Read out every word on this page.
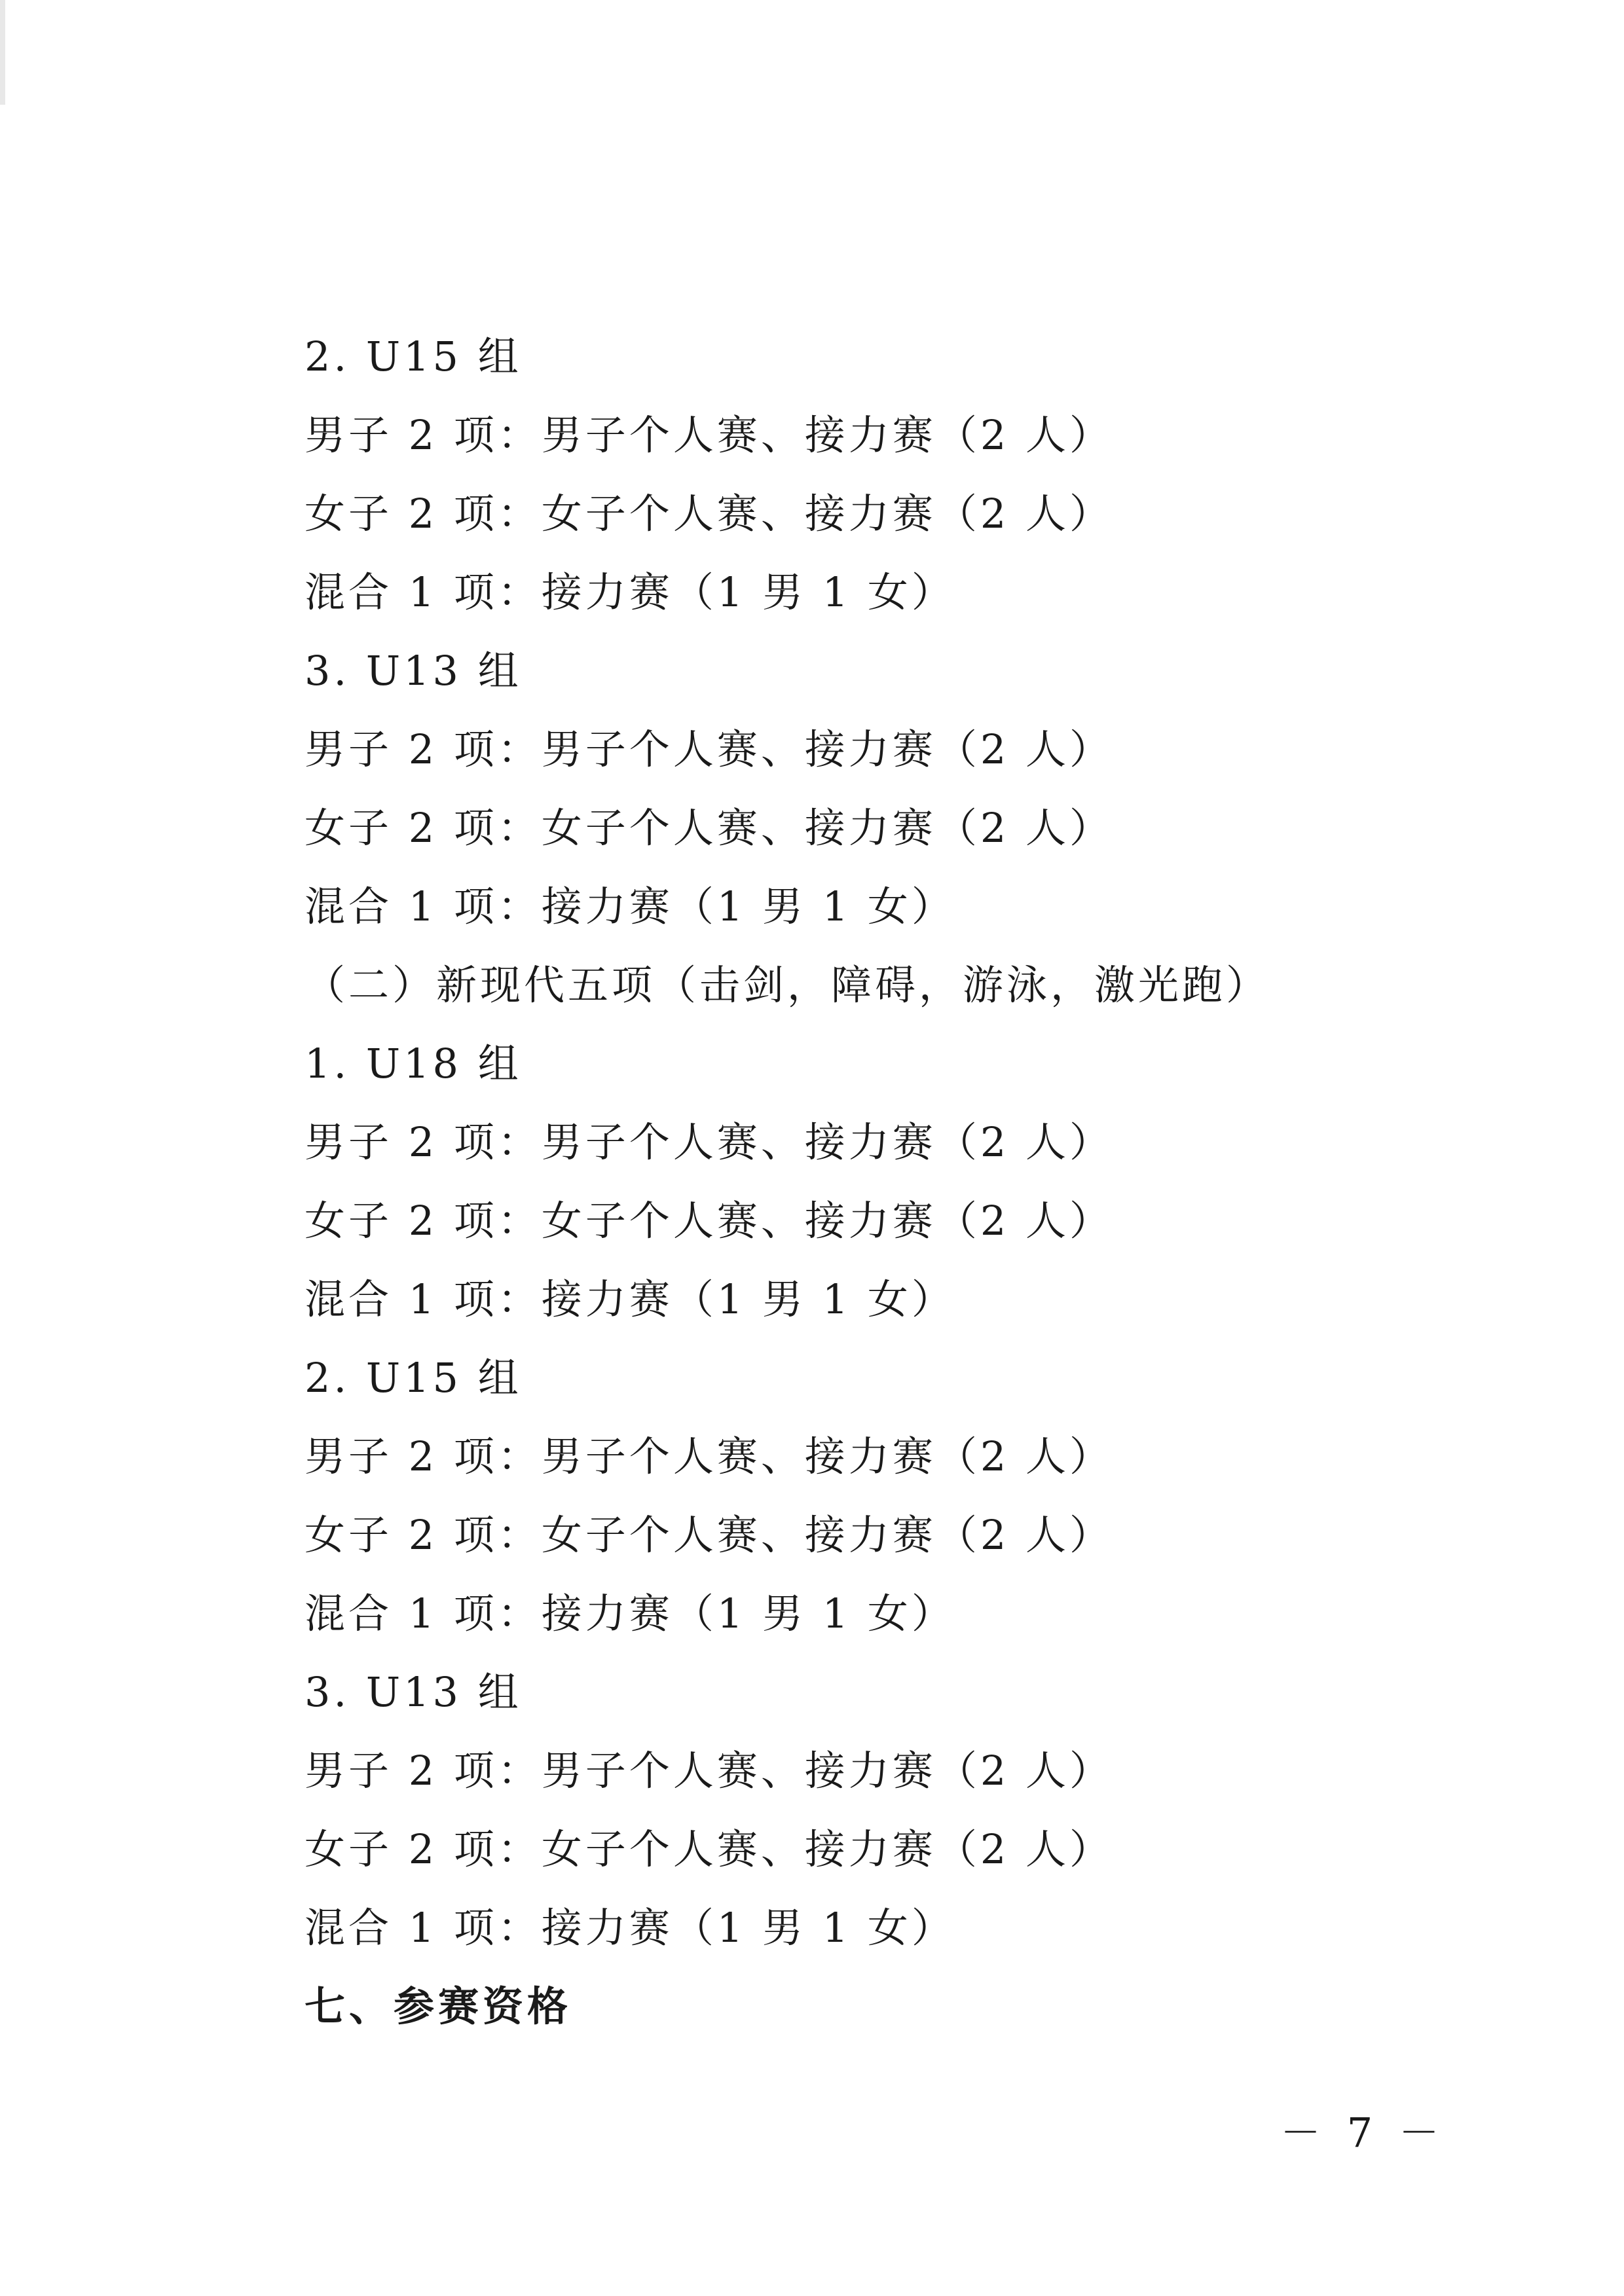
2. U15 组
男子 2 项：男子个人赛、接力赛（2 人）
女子 2 项：女子个人赛、接力赛（2 人）
混合 1 项：接力赛（1 男 1 女）
3. U13 组
男子 2 项：男子个人赛、接力赛（2 人）
女子 2 项：女子个人赛、接力赛（2 人）
混合 1 项：接力赛（1 男 1 女）
（二）新现代五项（击剑，障碍，游泳，激光跑）
1. U18 组
男子 2 项：男子个人赛、接力赛（2 人）
女子 2 项：女子个人赛、接力赛（2 人）
混合 1 项：接力赛（1 男 1 女）
2. U15 组
男子 2 项：男子个人赛、接力赛（2 人）
女子 2 项：女子个人赛、接力赛（2 人）
混合 1 项：接力赛（1 男 1 女）
3. U13 组
男子 2 项：男子个人赛、接力赛（2 人）
女子 2 项：女子个人赛、接力赛（2 人）
混合 1 项：接力赛（1 男 1 女）
七、参赛资格
－ 7 －
